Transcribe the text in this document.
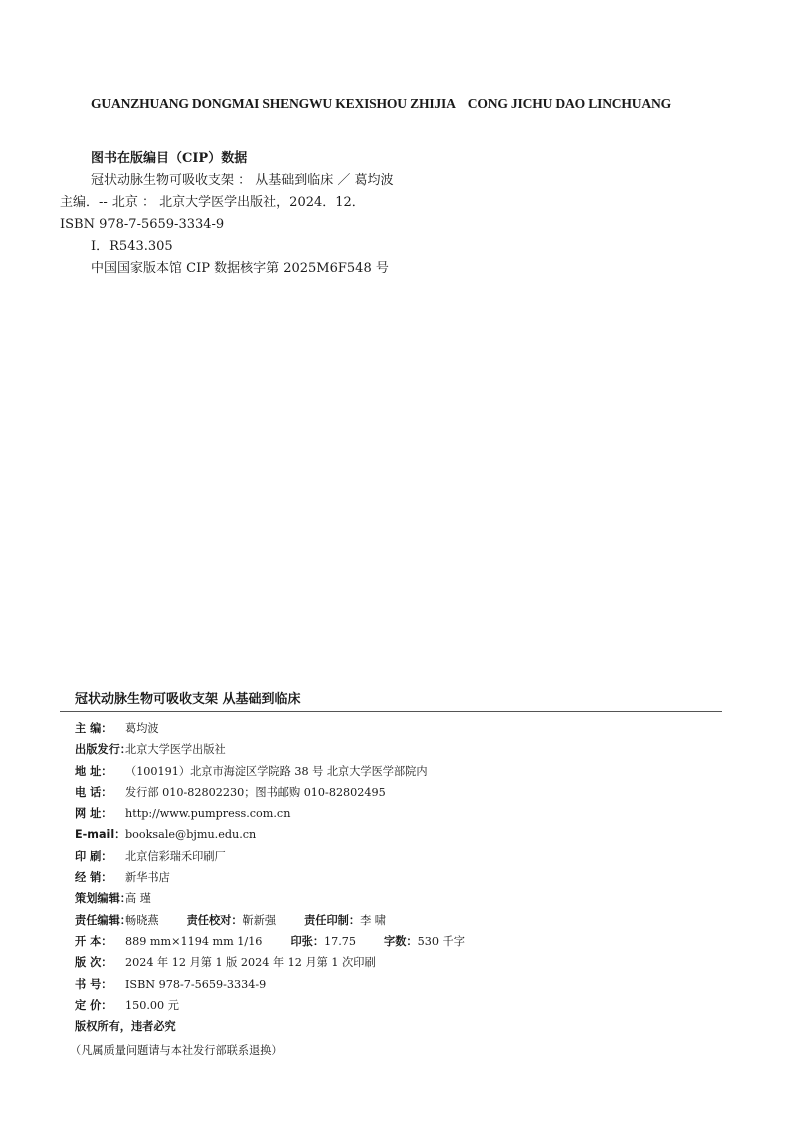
GUANZHUANG DONGMAI SHENGWU KEXISHOU ZHIJIA    CONG JICHU DAO LINCHUANG
图书在版编目（CIP）数据
冠状动脉生物可吸收支架 ： 从基础到临床 ／ 葛均波
主编．-- 北京 ： 北京大学医学出版社，2024．12．
ISBN 978-7-5659-3334-9
Ⅰ．R543.305
中国国家版本馆 CIP 数据核字第 2025M6F548 号
冠状动脉生物可吸收支架 从基础到临床
主 编： 葛均波
出版发行：北京大学医学出版社
地 址： （100191）北京市海淀区学院路 38 号 北京大学医学部院内
电 话： 发行部 010-82802230；图书邮购 010-82802495
网 址： http://www.pumpress.com.cn
E-mail：booksale@bjmu.edu.cn
印 刷： 北京信彩瑞禾印刷厂
经 销： 新华书店
策划编辑：高 瑾
责任编辑：畅晓燕	责任校对：靳新强	责任印制：李 啸
开 本： 889 mm×1194 mm 1/16	印张：17.75	字数：530 千字
版 次： 2024 年 12 月第 1 版 2024 年 12 月第 1 次印刷
书 号： ISBN 978-7-5659-3334-9
定 价： 150.00 元
版权所有，违者必究
（凡属质量问题请与本社发行部联系退换）
